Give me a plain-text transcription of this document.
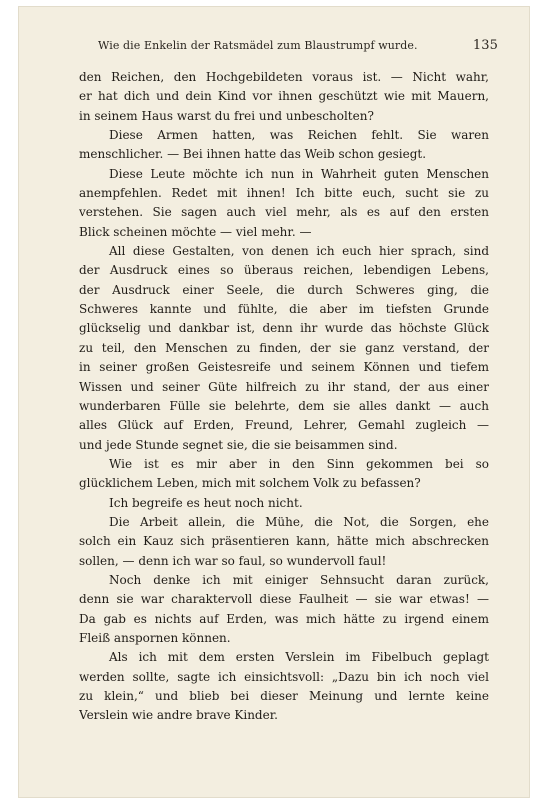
Wie die Enkelin der Ratsmädel zum Blaustrumpf wurde.	135
den Reichen, den Hochgebildeten voraus ist. — Nicht wahr,
er hat dich und dein Kind vor ihnen geschützt wie mit Mauern,
in seinem Haus warst du frei und unbescholten?
Diese Armen hatten, was Reichen fehlt. Sie waren
menschlicher. — Bei ihnen hatte das Weib schon gesiegt.
Diese Leute möchte ich nun in Wahrheit guten Menschen
anempfehlen. Redet mit ihnen! Ich bitte euch, sucht sie zu
verstehen. Sie sagen auch viel mehr, als es auf den ersten
Blick scheinen möchte — viel mehr. —
All diese Gestalten, von denen ich euch hier sprach, sind
der Ausdruck eines so überaus reichen, lebendigen Lebens,
der Ausdruck einer Seele, die durch Schweres ging, die
Schweres kannte und fühlte, die aber im tiefsten Grunde
glückselig und dankbar ist, denn ihr wurde das höchste Glück
zu teil, den Menschen zu finden, der sie ganz verstand, der
in seiner großen Geistesreife und seinem Können und tiefem
Wissen und seiner Güte hilfreich zu ihr stand, der aus einer
wunderbaren Fülle sie belehrte, dem sie alles dankt — auch
alles Glück auf Erden, Freund, Lehrer, Gemahl zugleich —
und jede Stunde segnet sie, die sie beisammen sind.
Wie ist es mir aber in den Sinn gekommen bei so
glücklichem Leben, mich mit solchem Volk zu befassen?
Ich begreife es heut noch nicht.
Die Arbeit allein, die Mühe, die Not, die Sorgen, ehe
solch ein Kauz sich präsentieren kann, hätte mich abschrecken
sollen, — denn ich war so faul, so wundervoll faul!
Noch denke ich mit einiger Sehnsucht daran zurück,
denn sie war charaktervoll diese Faulheit — sie war etwas! —
Da gab es nichts auf Erden, was mich hätte zu irgend einem
Fleiß anspornen können.
Als ich mit dem ersten Verslein im Fibelbuch geplagt
werden sollte, sagte ich einsichtsvoll: „Dazu bin ich noch viel
zu klein,“ und blieb bei dieser Meinung und lernte keine
Verslein wie andre brave Kinder.
